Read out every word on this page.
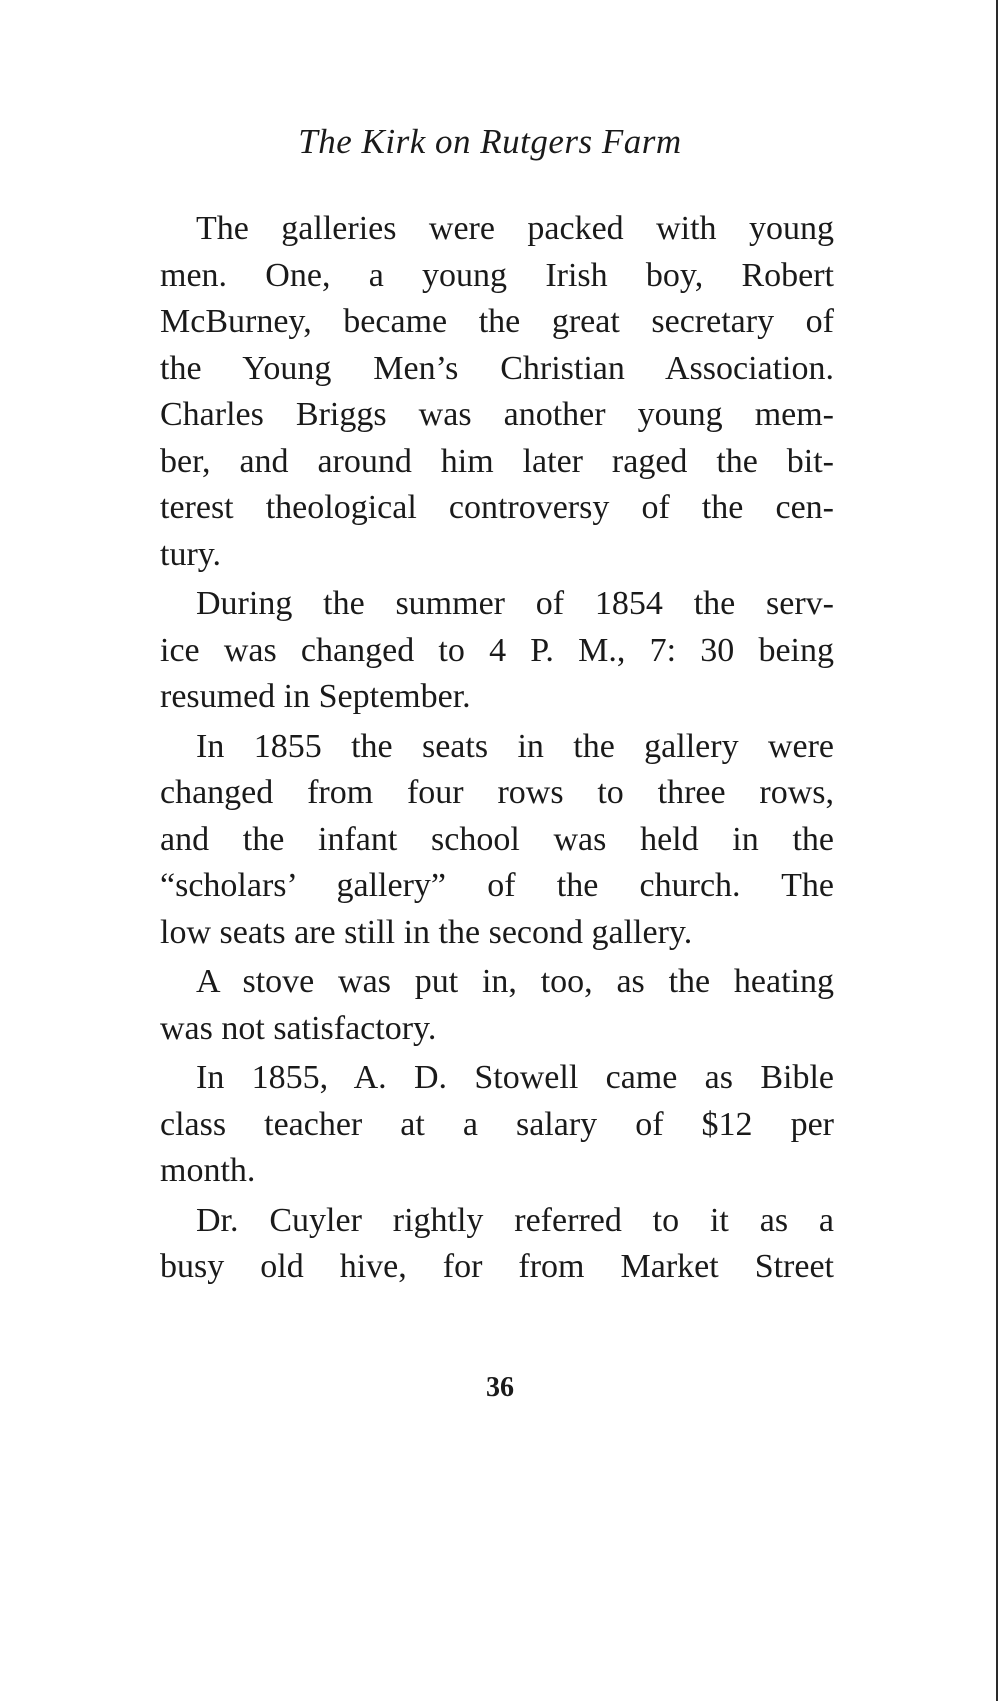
The Kirk on Rutgers Farm

The galleries were packed with young
men. One, a young Irish boy, Robert
McBurney, became the great secretary of
the Young Men’s Christian Association.
Charles Briggs was another young mem-
ber, and around him later raged the bit-
terest theological controversy of the cen-
tury.

During the summer of 1854 the serv-
ice was changed to 4 P. M., 7: 30 being
resumed in September.

In 1855 the seats in the gallery were
changed from four rows to three rows,
and the infant school was held in the
“scholars’ gallery” of the church. The
low seats are still in the second gallery.

A stove was put in, too, as the heating
was not satisfactory.

In 1855, A. D. Stowell came as Bible
class teacher at a salary of $12 per
month.

Dr. Cuyler rightly referred to it as a
busy old hive, for from Market Street

36
